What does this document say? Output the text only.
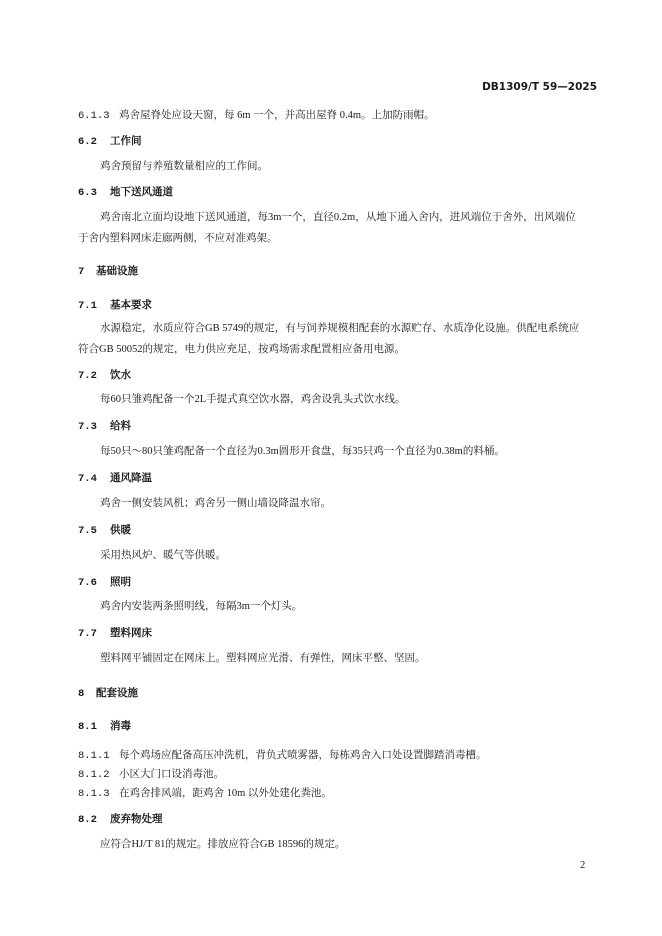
DB1309/T 59—2025
6.1.3 鸡舍屋脊处应设天窗，每 6m 一个，并高出屋脊 0.4m。上加防雨帽。
6.2 工作间
鸡舍预留与养殖数量相应的工作间。
6.3 地下送风通道
鸡舍南北立面均设地下送风通道，每3m一个，直径0.2m，从地下通入舍内，进风端位于舍外，出风端位于舍内塑料网床走廊两侧，不应对准鸡架。
7 基础设施
7.1 基本要求
水源稳定，水质应符合GB 5749的规定，有与饲养规模相配套的水源贮存、水质净化设施。供配电系统应符合GB 50052的规定，电力供应充足，按鸡场需求配置相应备用电源。
7.2 饮水
每60只雏鸡配备一个2L手提式真空饮水器，鸡舍设乳头式饮水线。
7.3 给料
每50只～80只雏鸡配备一个直径为0.3m圆形开食盘，每35只鸡一个直径为0.38m的料桶。
7.4 通风降温
鸡舍一侧安装风机；鸡舍另一侧山墙设降温水帘。
7.5 供暖
采用热风炉、暖气等供暖。
7.6 照明
鸡舍内安装两条照明线，每隔3m一个灯头。
7.7 塑料网床
塑料网平铺固定在网床上。塑料网应光滑、有弹性，网床平整、坚固。
8 配套设施
8.1 消毒
8.1.1 每个鸡场应配备高压冲洗机，背负式喷雾器，每栋鸡舍入口处设置脚踏消毒槽。
8.1.2 小区大门口设消毒池。
8.1.3 在鸡舍排风端，距鸡舍 10m 以外处建化粪池。
8.2 废弃物处理
应符合HJ/T 81的规定。排放应符合GB 18596的规定。
2
